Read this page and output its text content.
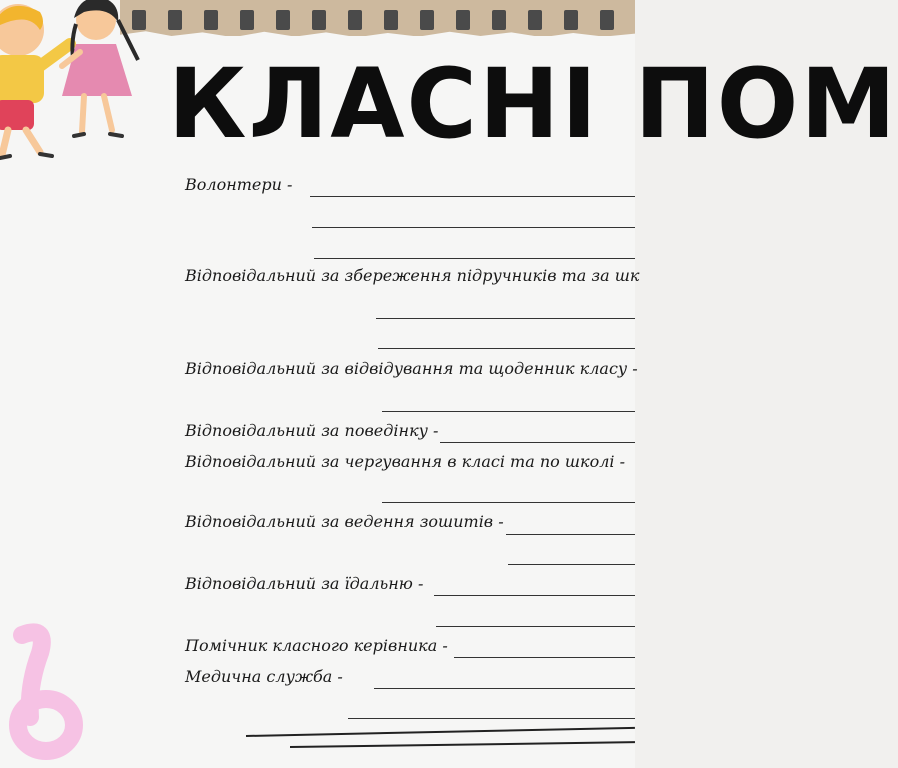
КЛАСНІ ПОМ
Волонтери -
Відповідальний за збереження підручників та за шк
Відповідальний за відвідування та щоденник класу -
Відповідальний за поведінку -
Відповідальний за чергування в класі та по школі -
Відповідальний за ведення зошитів -
Відповідальний за їдальню -
Помічник класного керівника -
Медична служба -
